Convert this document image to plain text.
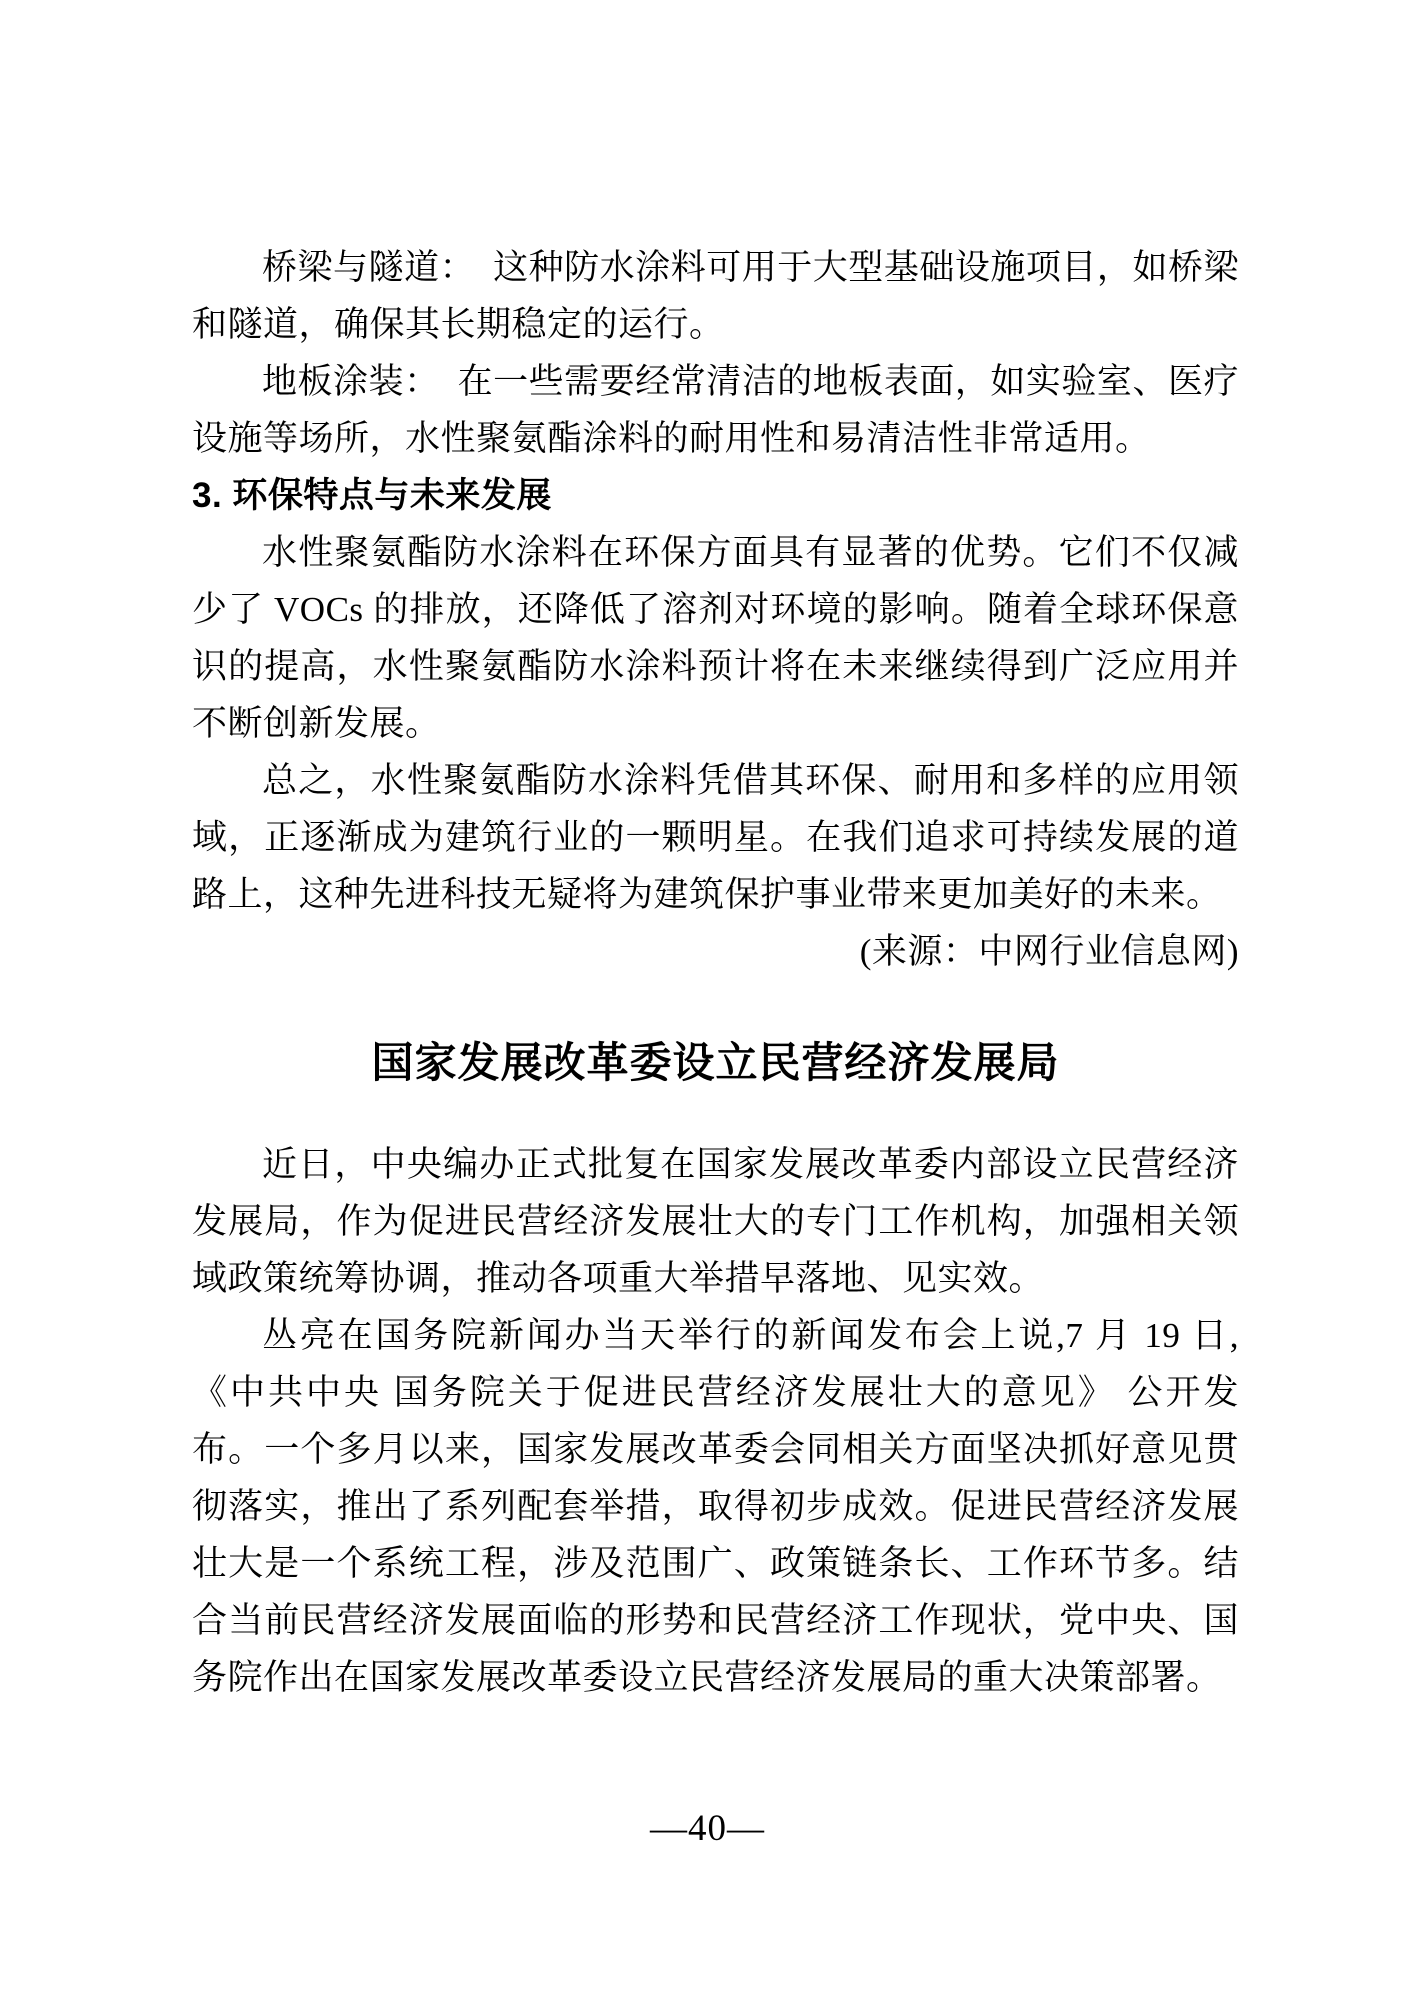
桥梁与隧道：　这种防水涂料可用于大型基础设施项目，如桥梁和隧道，确保其长期稳定的运行。

地板涂装：　在一些需要经常清洁的地板表面，如实验室、医疗设施等场所，水性聚氨酯涂料的耐用性和易清洁性非常适用。

3. 环保特点与未来发展

水性聚氨酯防水涂料在环保方面具有显著的优势。它们不仅减少了 VOCs 的排放，还降低了溶剂对环境的影响。随着全球环保意识的提高，水性聚氨酯防水涂料预计将在未来继续得到广泛应用并不断创新发展。

总之，水性聚氨酯防水涂料凭借其环保、耐用和多样的应用领域，正逐渐成为建筑行业的一颗明星。在我们追求可持续发展的道路上，这种先进科技无疑将为建筑保护事业带来更加美好的未来。

(来源：中网行业信息网)

国家发展改革委设立民营经济发展局

近日，中央编办正式批复在国家发展改革委内部设立民营经济发展局，作为促进民营经济发展壮大的专门工作机构，加强相关领域政策统筹协调，推动各项重大举措早落地、见实效。

丛亮在国务院新闻办当天举行的新闻发布会上说,7 月 19 日,《中共中央 国务院关于促进民营经济发展壮大的意见》 公开发布。一个多月以来，国家发展改革委会同相关方面坚决抓好意见贯彻落实，推出了系列配套举措，取得初步成效。促进民营经济发展壮大是一个系统工程，涉及范围广、政策链条长、工作环节多。结合当前民营经济发展面临的形势和民营经济工作现状，党中央、国务院作出在国家发展改革委设立民营经济发展局的重大决策部署。

—40—
